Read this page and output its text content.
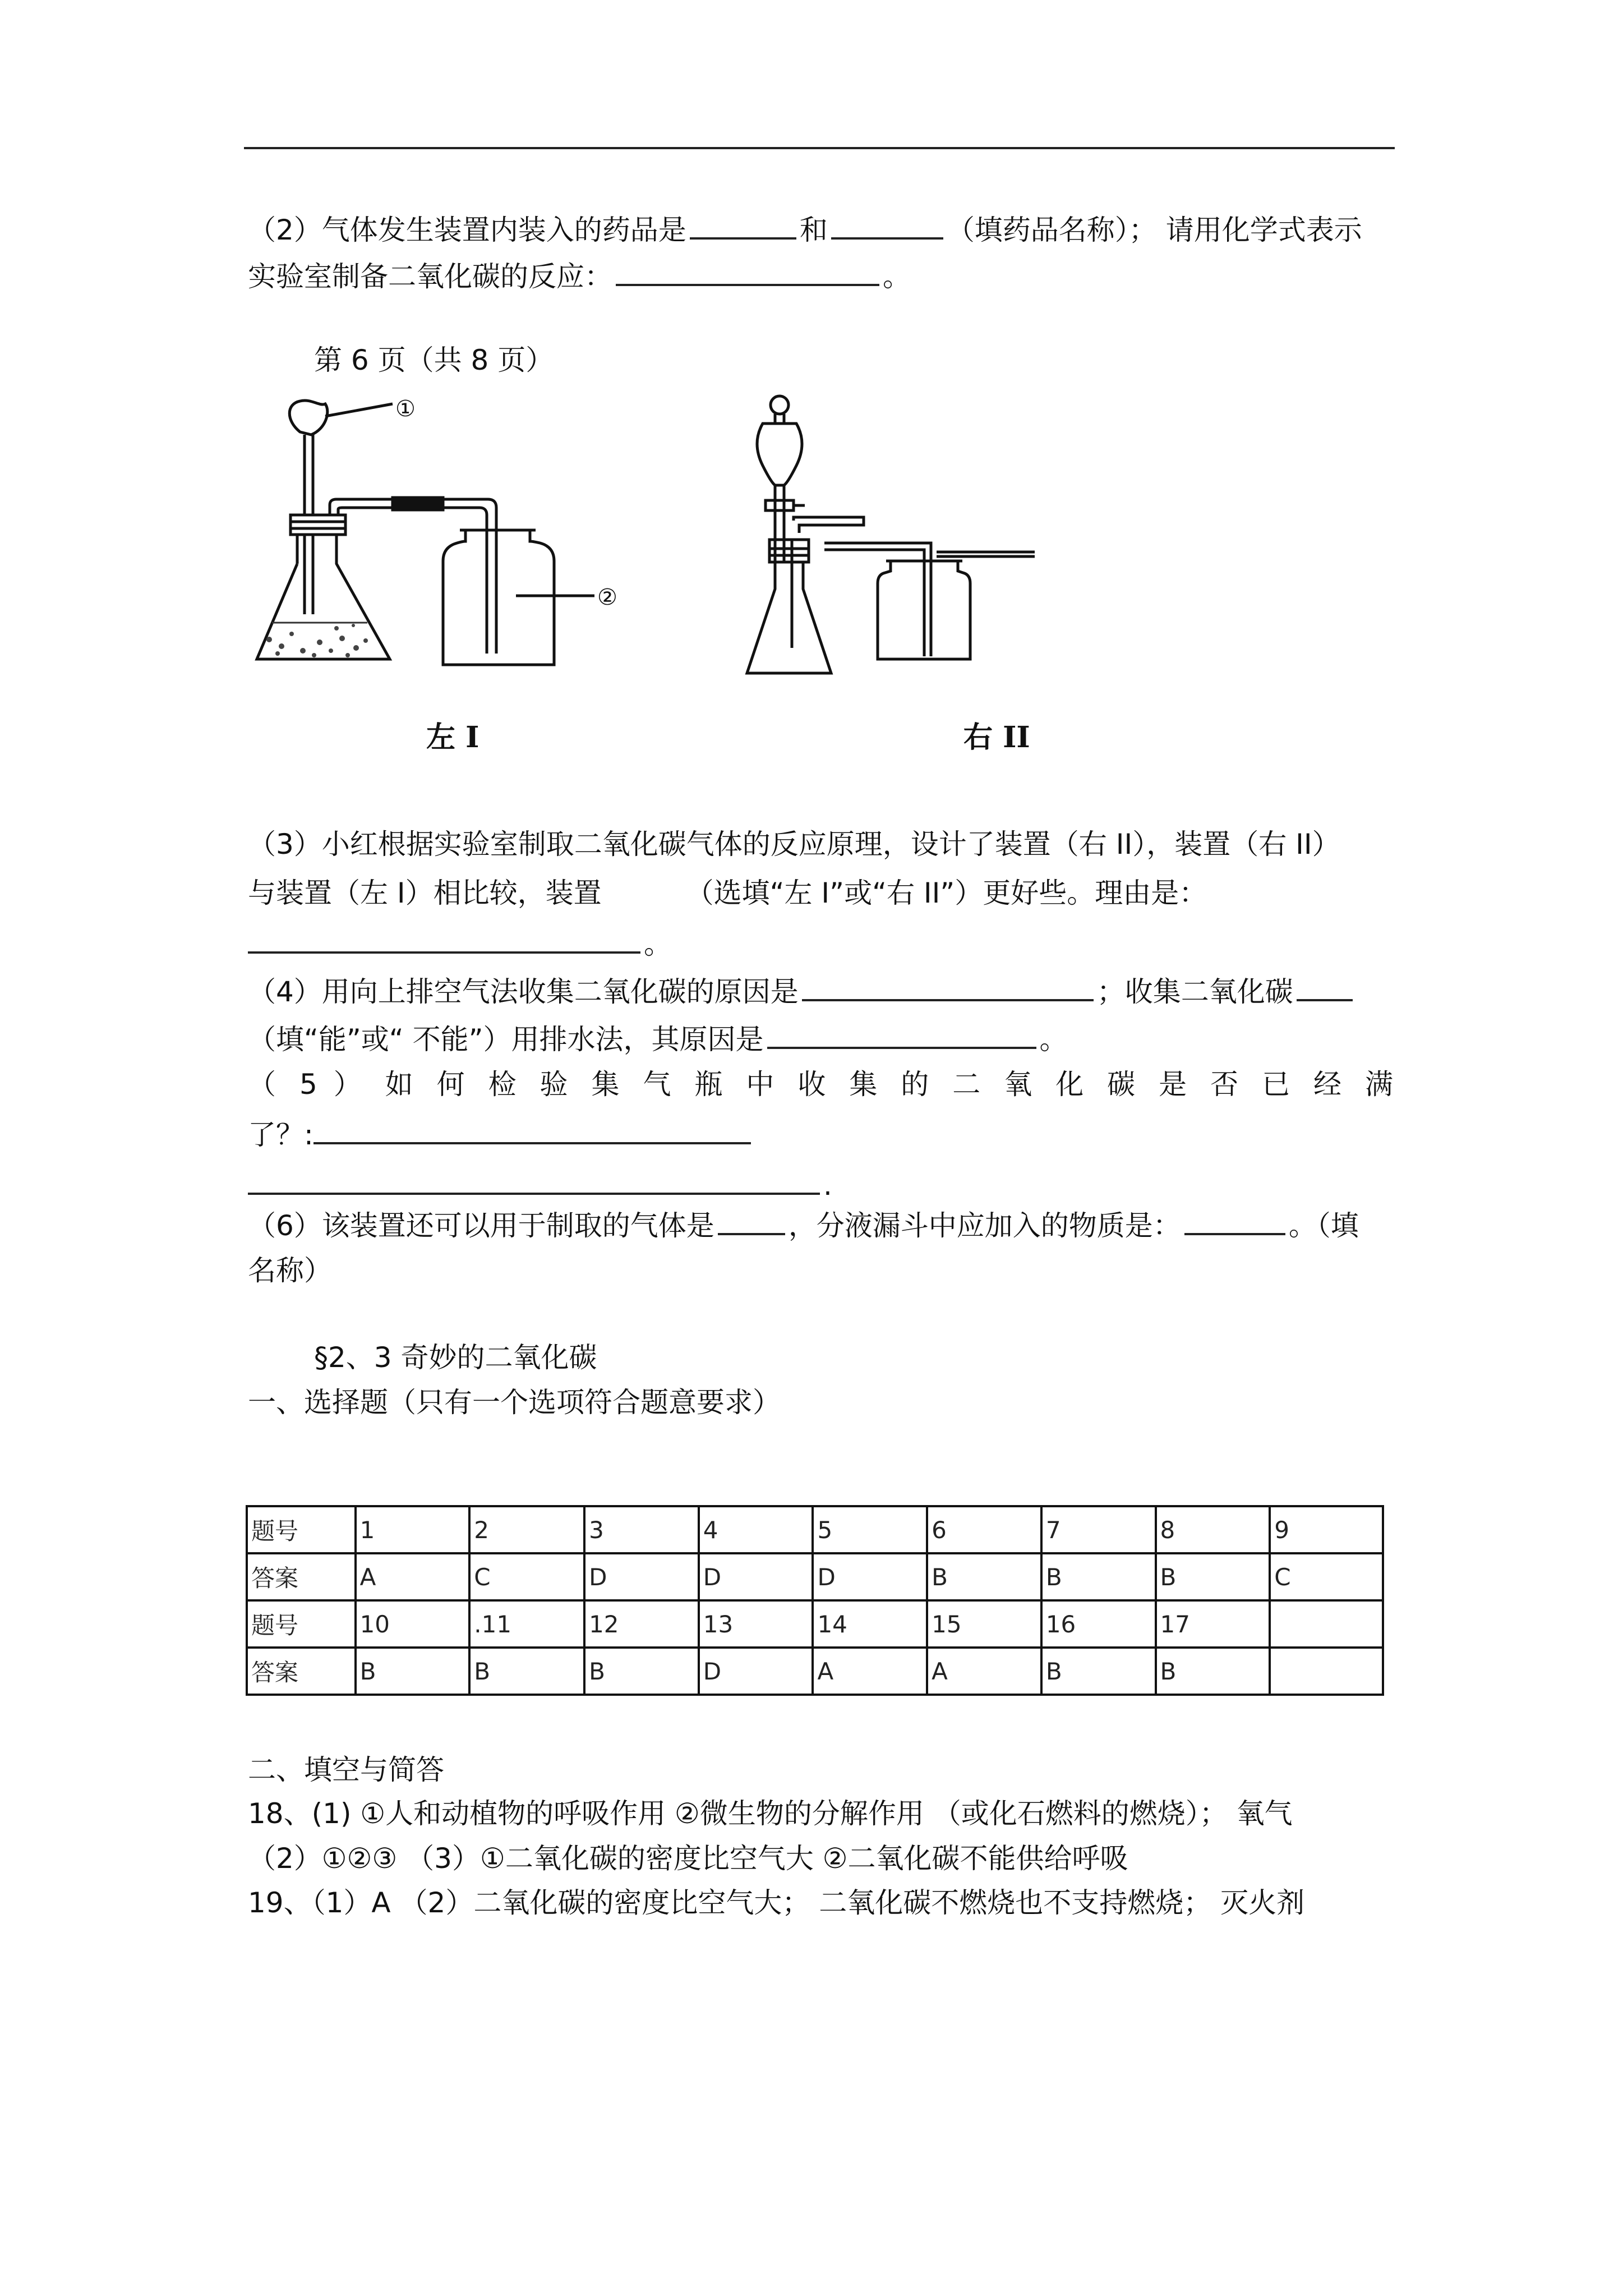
（2）气体发生装置内装入的药品是	和	（填药品名称）； 请用化学式表示
实验室制备二氧化碳的反应：	。
第 6 页（共 8 页）
①
②
左 I	右 II
（3）小红根据实验室制取二氧化碳气体的反应原理，设计了装置（右 II），装置（右 II）
与装置（左 I）相比较，装置	（选填“左 I”或“右 II”）更好些。理由是：
。
（4）用向上排空气法收集二氧化碳的原因是	；收集二氧化碳
（填“能”或“ 不能”）用排水法，其原因是	。
（ 5 ） 如 何 检 验 集 气 瓶 中 收 集 的 二 氧 化 碳 是 否 已 经 满
了？:
.
（6）该装置还可以用于制取的气体是	，分液漏斗中应加入的物质是：	。（填
名称）
§2、3 奇妙的二氧化碳
一、选择题（只有一个选项符合题意要求）
题号	1	2	3	4	5	6	7	8	9
答案	A	C	D	D	D	B	B	B	C
题号	10	.11	12	13	14	15	16	17	
答案	B	B	B	D	A	A	B	B	
二、填空与简答
18、(1) ①人和动植物的呼吸作用 ②微生物的分解作用 （或化石燃料的燃烧）； 氧气
（2）①②③ （3）①二氧化碳的密度比空气大 ②二氧化碳不能供给呼吸
19、（1）A （2）二氧化碳的密度比空气大； 二氧化碳不燃烧也不支持燃烧； 灭火剂
